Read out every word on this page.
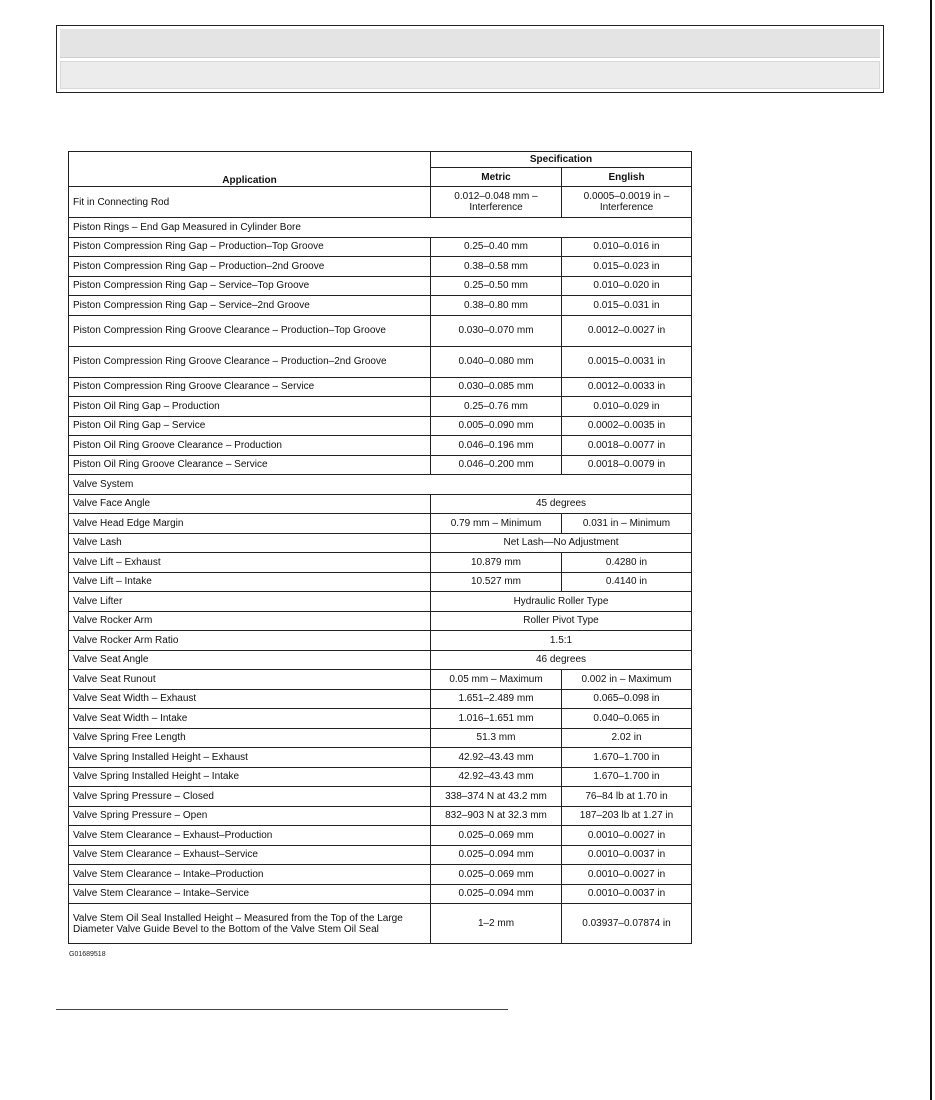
Application	Specification	
	Metric	English
Fit in Connecting Rod	0.012–0.048 mm – Interference	0.0005–0.0019 in – Interference
Piston Rings – End Gap Measured in Cylinder Bore		
Piston Compression Ring Gap – Production–Top Groove	0.25–0.40 mm	0.010–0.016 in
Piston Compression Ring Gap – Production–2nd Groove	0.38–0.58 mm	0.015–0.023 in
Piston Compression Ring Gap – Service–Top Groove	0.25–0.50 mm	0.010–0.020 in
Piston Compression Ring Gap – Service–2nd Groove	0.38–0.80 mm	0.015–0.031 in
Piston Compression Ring Groove Clearance – Production–Top Groove	0.030–0.070 mm	0.0012–0.0027 in
Piston Compression Ring Groove Clearance – Production–2nd Groove	0.040–0.080 mm	0.0015–0.0031 in
Piston Compression Ring Groove Clearance – Service	0.030–0.085 mm	0.0012–0.0033 in
Piston Oil Ring Gap – Production	0.25–0.76 mm	0.010–0.029 in
Piston Oil Ring Gap – Service	0.005–0.090 mm	0.0002–0.0035 in
Piston Oil Ring Groove Clearance – Production	0.046–0.196 mm	0.0018–0.0077 in
Piston Oil Ring Groove Clearance – Service	0.046–0.200 mm	0.0018–0.0079 in
Valve System		
Valve Face Angle	45 degrees	
Valve Head Edge Margin	0.79 mm – Minimum	0.031 in – Minimum
Valve Lash	Net Lash—No Adjustment	
Valve Lift – Exhaust	10.879 mm	0.4280 in
Valve Lift – Intake	10.527 mm	0.4140 in
Valve Lifter	Hydraulic Roller Type	
Valve Rocker Arm	Roller Pivot Type	
Valve Rocker Arm Ratio	1.5:1	
Valve Seat Angle	46 degrees	
Valve Seat Runout	0.05 mm – Maximum	0.002 in – Maximum
Valve Seat Width – Exhaust	1.651–2.489 mm	0.065–0.098 in
Valve Seat Width – Intake	1.016–1.651 mm	0.040–0.065 in
Valve Spring Free Length	51.3 mm	2.02 in
Valve Spring Installed Height – Exhaust	42.92–43.43 mm	1.670–1.700 in
Valve Spring Installed Height – Intake	42.92–43.43 mm	1.670–1.700 in
Valve Spring Pressure – Closed	338–374 N at 43.2 mm	76–84 lb at 1.70 in
Valve Spring Pressure – Open	832–903 N at 32.3 mm	187–203 lb at 1.27 in
Valve Stem Clearance – Exhaust–Production	0.025–0.069 mm	0.0010–0.0027 in
Valve Stem Clearance – Exhaust–Service	0.025–0.094 mm	0.0010–0.0037 in
Valve Stem Clearance – Intake–Production	0.025–0.069 mm	0.0010–0.0027 in
Valve Stem Clearance – Intake–Service	0.025–0.094 mm	0.0010–0.0037 in
Valve Stem Oil Seal Installed Height – Measured from the Top of the Large Diameter Valve Guide Bevel to the Bottom of the Valve Stem Oil Seal	1–2 mm	0.03937–0.07874 in
G01689518
